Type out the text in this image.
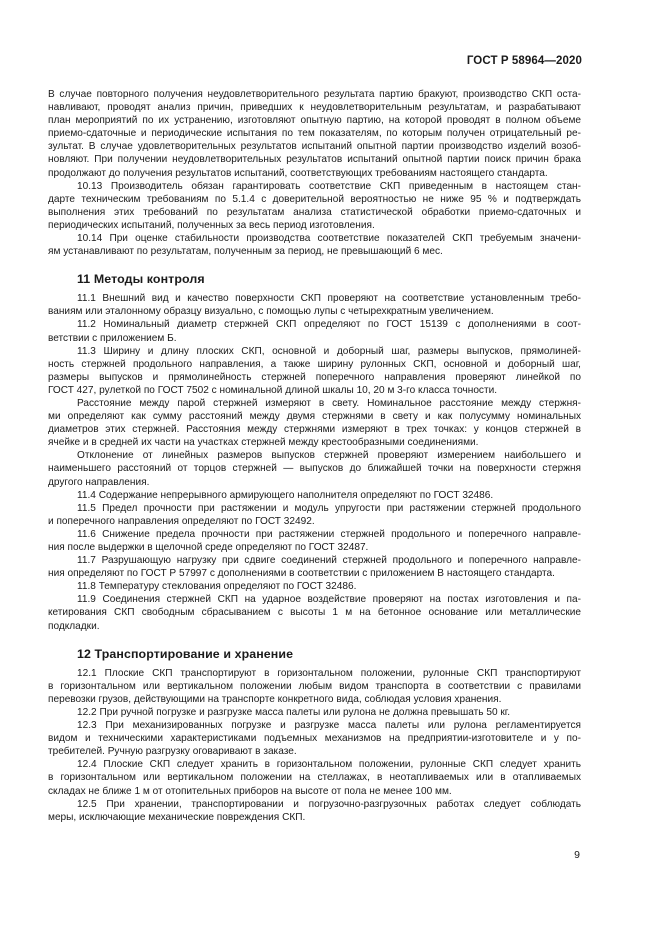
ГОСТ Р 58964—2020
В случае повторного получения неудовлетворительного результата партию бракуют, производство СКП оста-
навливают, проводят анализ причин, приведших к неудовлетворительным результатам, и разрабатывают
план мероприятий по их устранению, изготовляют опытную партию, на которой проводят в полном объеме
приемо-сдаточные и периодические испытания по тем показателям, по которым получен отрицательный ре-
зультат. В случае удовлетворительных результатов испытаний опытной партии производство изделий возоб-
новляют. При получении неудовлетворительных результатов испытаний опытной партии поиск причин брака
продолжают до получения результатов испытаний, соответствующих требованиям настоящего стандарта.
10.13 Производитель обязан гарантировать соответствие СКП приведенным в настоящем стан-
дарте техническим требованиям по 5.1.4 с доверительной вероятностью не ниже 95 % и подтверждать
выполнения этих требований по результатам анализа статистической обработки приемо-сдаточных и
периодических испытаний, полученных за весь период изготовления.
10.14 При оценке стабильности производства соответствие показателей СКП требуемым значени-
ям устанавливают по результатам, полученным за период, не превышающий 6 мес.
11 Методы контроля
11.1 Внешний вид и качество поверхности СКП проверяют на соответствие установленным требо-
ваниям или эталонному образцу визуально, с помощью лупы с четырехкратным увеличением.
11.2 Номинальный диаметр стержней СКП определяют по ГОСТ 15139 с дополнениями в соот-
ветствии с приложением Б.
11.3 Ширину и длину плоских СКП, основной и доборный шаг, размеры выпусков, прямолиней-
ность стержней продольного направления, а также ширину рулонных СКП, основной и доборный шаг,
размеры выпусков и прямолинейность стержней поперечного направления проверяют линейкой по
ГОСТ 427, рулеткой по ГОСТ 7502 с номинальной длиной шкалы 10, 20 м 3-го класса точности.
Расстояние между парой стержней измеряют в свету. Номинальное расстояние между стержня-
ми определяют как сумму расстояний между двумя стержнями в свету и как полусумму номинальных
диаметров этих стержней. Расстояния между стержнями измеряют в трех точках: у концов стержней в
ячейке и в средней их части на участках стержней между крестообразными соединениями.
Отклонение от линейных размеров выпусков стержней проверяют измерением наибольшего и
наименьшего расстояний от торцов стержней — выпусков до ближайшей точки на поверхности стержня
другого направления.
11.4 Содержание непрерывного армирующего наполнителя определяют по ГОСТ 32486.
11.5 Предел прочности при растяжении и модуль упругости при растяжении стержней продольного
и поперечного направления определяют по ГОСТ 32492.
11.6 Снижение предела прочности при растяжении стержней продольного и поперечного направле-
ния после выдержки в щелочной среде определяют по ГОСТ 32487.
11.7 Разрушающую нагрузку при сдвиге соединений стержней продольного и поперечного направле-
ния определяют по ГОСТ Р 57997 с дополнениями в соответствии с приложением В настоящего стандарта.
11.8 Температуру стеклования определяют по ГОСТ 32486.
11.9 Соединения стержней СКП на ударное воздействие проверяют на постах изготовления и па-
кетирования СКП свободным сбрасыванием с высоты 1 м на бетонное основание или металлические
подкладки.
12 Транспортирование и хранение
12.1 Плоские СКП транспортируют в горизонтальном положении, рулонные СКП транспортируют
в горизонтальном или вертикальном положении любым видом транспорта в соответствии с правилами
перевозки грузов, действующими на транспорте конкретного вида, соблюдая условия хранения.
12.2 При ручной погрузке и разгрузке масса палеты или рулона не должна превышать 50 кг.
12.3 При механизированных погрузке и разгрузке масса палеты или рулона регламентируется
видом и техническими характеристиками подъемных механизмов на предприятии-изготовителе и у по-
требителей. Ручную разгрузку оговаривают в заказе.
12.4 Плоские СКП следует хранить в горизонтальном положении, рулонные СКП следует хранить
в горизонтальном или вертикальном положении на стеллажах, в неотапливаемых или в отапливаемых
складах не ближе 1 м от отопительных приборов на высоте от пола не менее 100 мм.
12.5 При хранении, транспортировании и погрузочно-разгрузочных работах следует соблюдать
меры, исключающие механические повреждения СКП.
9
